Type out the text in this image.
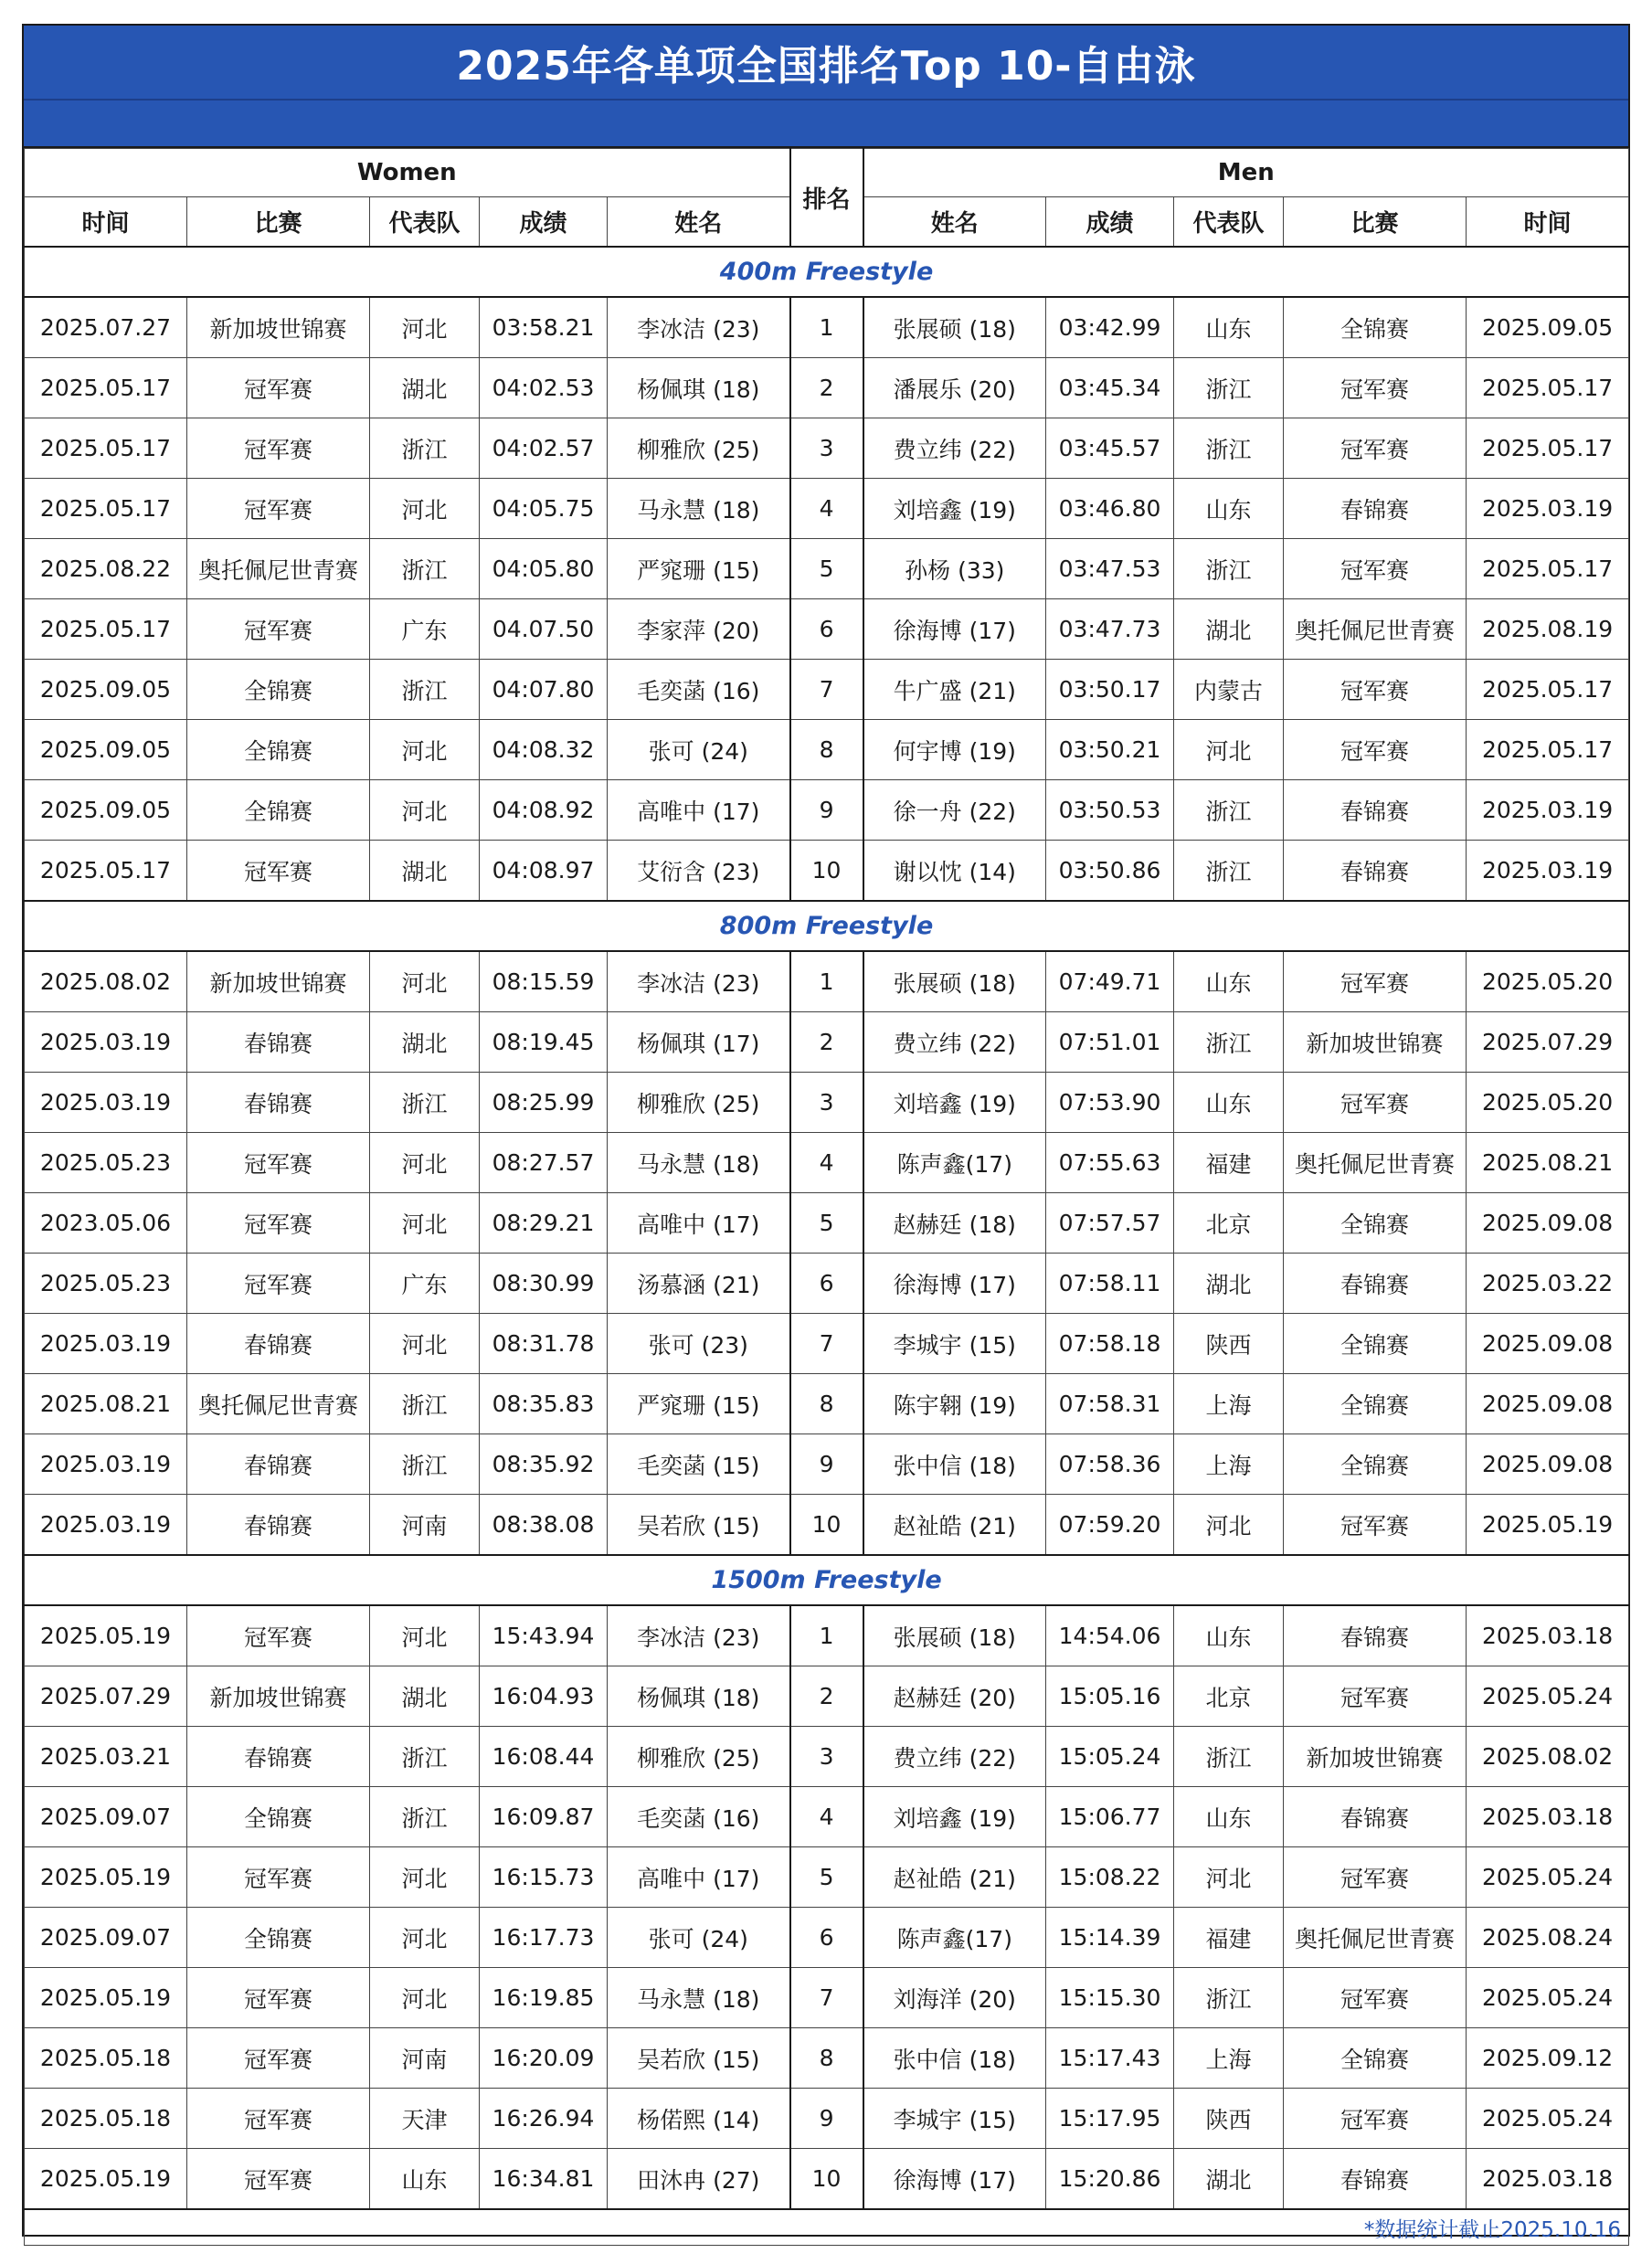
2025年各单项全国排名Top 10-自由泳
Women					排名	Men				
时间	比赛	代表队	成绩	姓名		姓名	成绩	代表队	比赛	时间
400m Freestyle										
2025.07.27	新加坡世锦赛	河北	03:58.21	李冰洁 (23)	1	张展硕 (18)	03:42.99	山东	全锦赛	2025.09.05
2025.05.17	冠军赛	湖北	04:02.53	杨佩琪 (18)	2	潘展乐 (20)	03:45.34	浙江	冠军赛	2025.05.17
2025.05.17	冠军赛	浙江	04:02.57	柳雅欣 (25)	3	费立纬 (22)	03:45.57	浙江	冠军赛	2025.05.17
2025.05.17	冠军赛	河北	04:05.75	马永慧 (18)	4	刘培鑫 (19)	03:46.80	山东	春锦赛	2025.03.19
2025.08.22	奥托佩尼世青赛	浙江	04:05.80	严窕珊 (15)	5	孙杨 (33)	03:47.53	浙江	冠军赛	2025.05.17
2025.05.17	冠军赛	广东	04.07.50	李家萍 (20)	6	徐海博 (17)	03:47.73	湖北	奥托佩尼世青赛	2025.08.19
2025.09.05	全锦赛	浙江	04:07.80	毛奕菡 (16)	7	牛广盛 (21)	03:50.17	内蒙古	冠军赛	2025.05.17
2025.09.05	全锦赛	河北	04:08.32	张可 (24)	8	何宇博 (19)	03:50.21	河北	冠军赛	2025.05.17
2025.09.05	全锦赛	河北	04:08.92	高唯中 (17)	9	徐一舟 (22)	03:50.53	浙江	春锦赛	2025.03.19
2025.05.17	冠军赛	湖北	04:08.97	艾衍含 (23)	10	谢以忱 (14)	03:50.86	浙江	春锦赛	2025.03.19
800m Freestyle										
2025.08.02	新加坡世锦赛	河北	08:15.59	李冰洁 (23)	1	张展硕 (18)	07:49.71	山东	冠军赛	2025.05.20
2025.03.19	春锦赛	湖北	08:19.45	杨佩琪 (17)	2	费立纬 (22)	07:51.01	浙江	新加坡世锦赛	2025.07.29
2025.03.19	春锦赛	浙江	08:25.99	柳雅欣 (25)	3	刘培鑫 (19)	07:53.90	山东	冠军赛	2025.05.20
2025.05.23	冠军赛	河北	08:27.57	马永慧 (18)	4	陈声鑫(17)	07:55.63	福建	奥托佩尼世青赛	2025.08.21
2023.05.06	冠军赛	河北	08:29.21	高唯中 (17)	5	赵赫廷 (18)	07:57.57	北京	全锦赛	2025.09.08
2025.05.23	冠军赛	广东	08:30.99	汤慕涵 (21)	6	徐海博 (17)	07:58.11	湖北	春锦赛	2025.03.22
2025.03.19	春锦赛	河北	08:31.78	张可 (23)	7	李城宇 (15)	07:58.18	陕西	全锦赛	2025.09.08
2025.08.21	奥托佩尼世青赛	浙江	08:35.83	严窕珊 (15)	8	陈宇翱 (19)	07:58.31	上海	全锦赛	2025.09.08
2025.03.19	春锦赛	浙江	08:35.92	毛奕菡 (15)	9	张中信 (18)	07:58.36	上海	全锦赛	2025.09.08
2025.03.19	春锦赛	河南	08:38.08	吴若欣 (15)	10	赵祉皓 (21)	07:59.20	河北	冠军赛	2025.05.19
1500m Freestyle										
2025.05.19	冠军赛	河北	15:43.94	李冰洁 (23)	1	张展硕 (18)	14:54.06	山东	春锦赛	2025.03.18
2025.07.29	新加坡世锦赛	湖北	16:04.93	杨佩琪 (18)	2	赵赫廷 (20)	15:05.16	北京	冠军赛	2025.05.24
2025.03.21	春锦赛	浙江	16:08.44	柳雅欣 (25)	3	费立纬 (22)	15:05.24	浙江	新加坡世锦赛	2025.08.02
2025.09.07	全锦赛	浙江	16:09.87	毛奕菡 (16)	4	刘培鑫 (19)	15:06.77	山东	春锦赛	2025.03.18
2025.05.19	冠军赛	河北	16:15.73	高唯中 (17)	5	赵祉皓 (21)	15:08.22	河北	冠军赛	2025.05.24
2025.09.07	全锦赛	河北	16:17.73	张可 (24)	6	陈声鑫(17)	15:14.39	福建	奥托佩尼世青赛	2025.08.24
2025.05.19	冠军赛	河北	16:19.85	马永慧 (18)	7	刘海洋 (20)	15:15.30	浙江	冠军赛	2025.05.24
2025.05.18	冠军赛	河南	16:20.09	吴若欣 (15)	8	张中信 (18)	15:17.43	上海	全锦赛	2025.09.12
2025.05.18	冠军赛	天津	16:26.94	杨偌熙 (14)	9	李城宇 (15)	15:17.95	陕西	冠军赛	2025.05.24
2025.05.19	冠军赛	山东	16:34.81	田沐冉 (27)	10	徐海博 (17)	15:20.86	湖北	春锦赛	2025.03.18
*数据统计截止2025.10.16										
